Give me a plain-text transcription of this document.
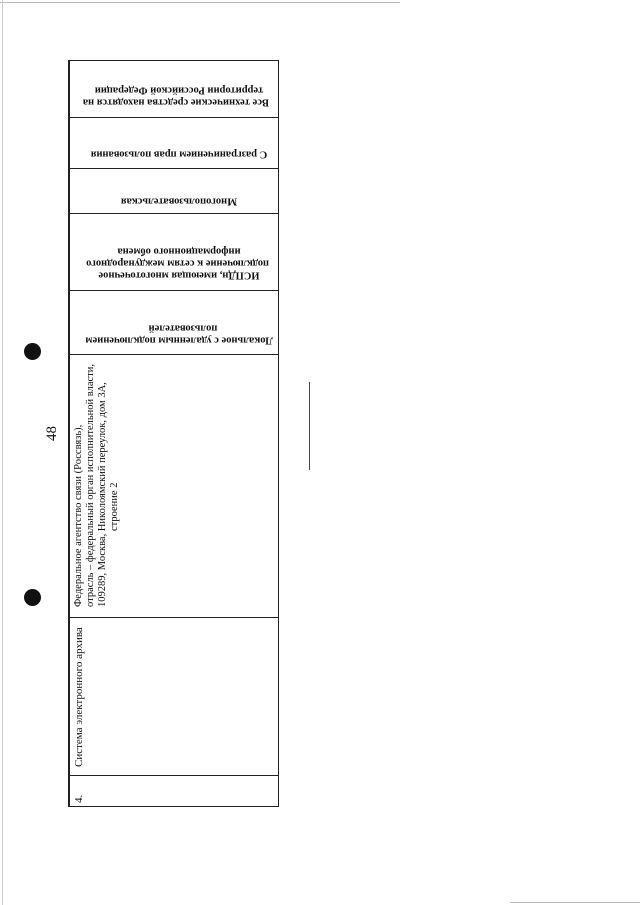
48
4.
Система электронного архива
Федеральное агентство связи (Россвязь), отрасль – федеральный орган исполнительной власти, 109289, Москва, Николоямский переулок, дом 3А, строение 2
Локальное с удаленным подключением
пользователей
ИСПДн, имеющая многоточечное
подключение к сетям международного
информационного обмена
Многопользовательская
С разграничением прав пользования
Все технические средства находятся на
территории Российской Федерации
